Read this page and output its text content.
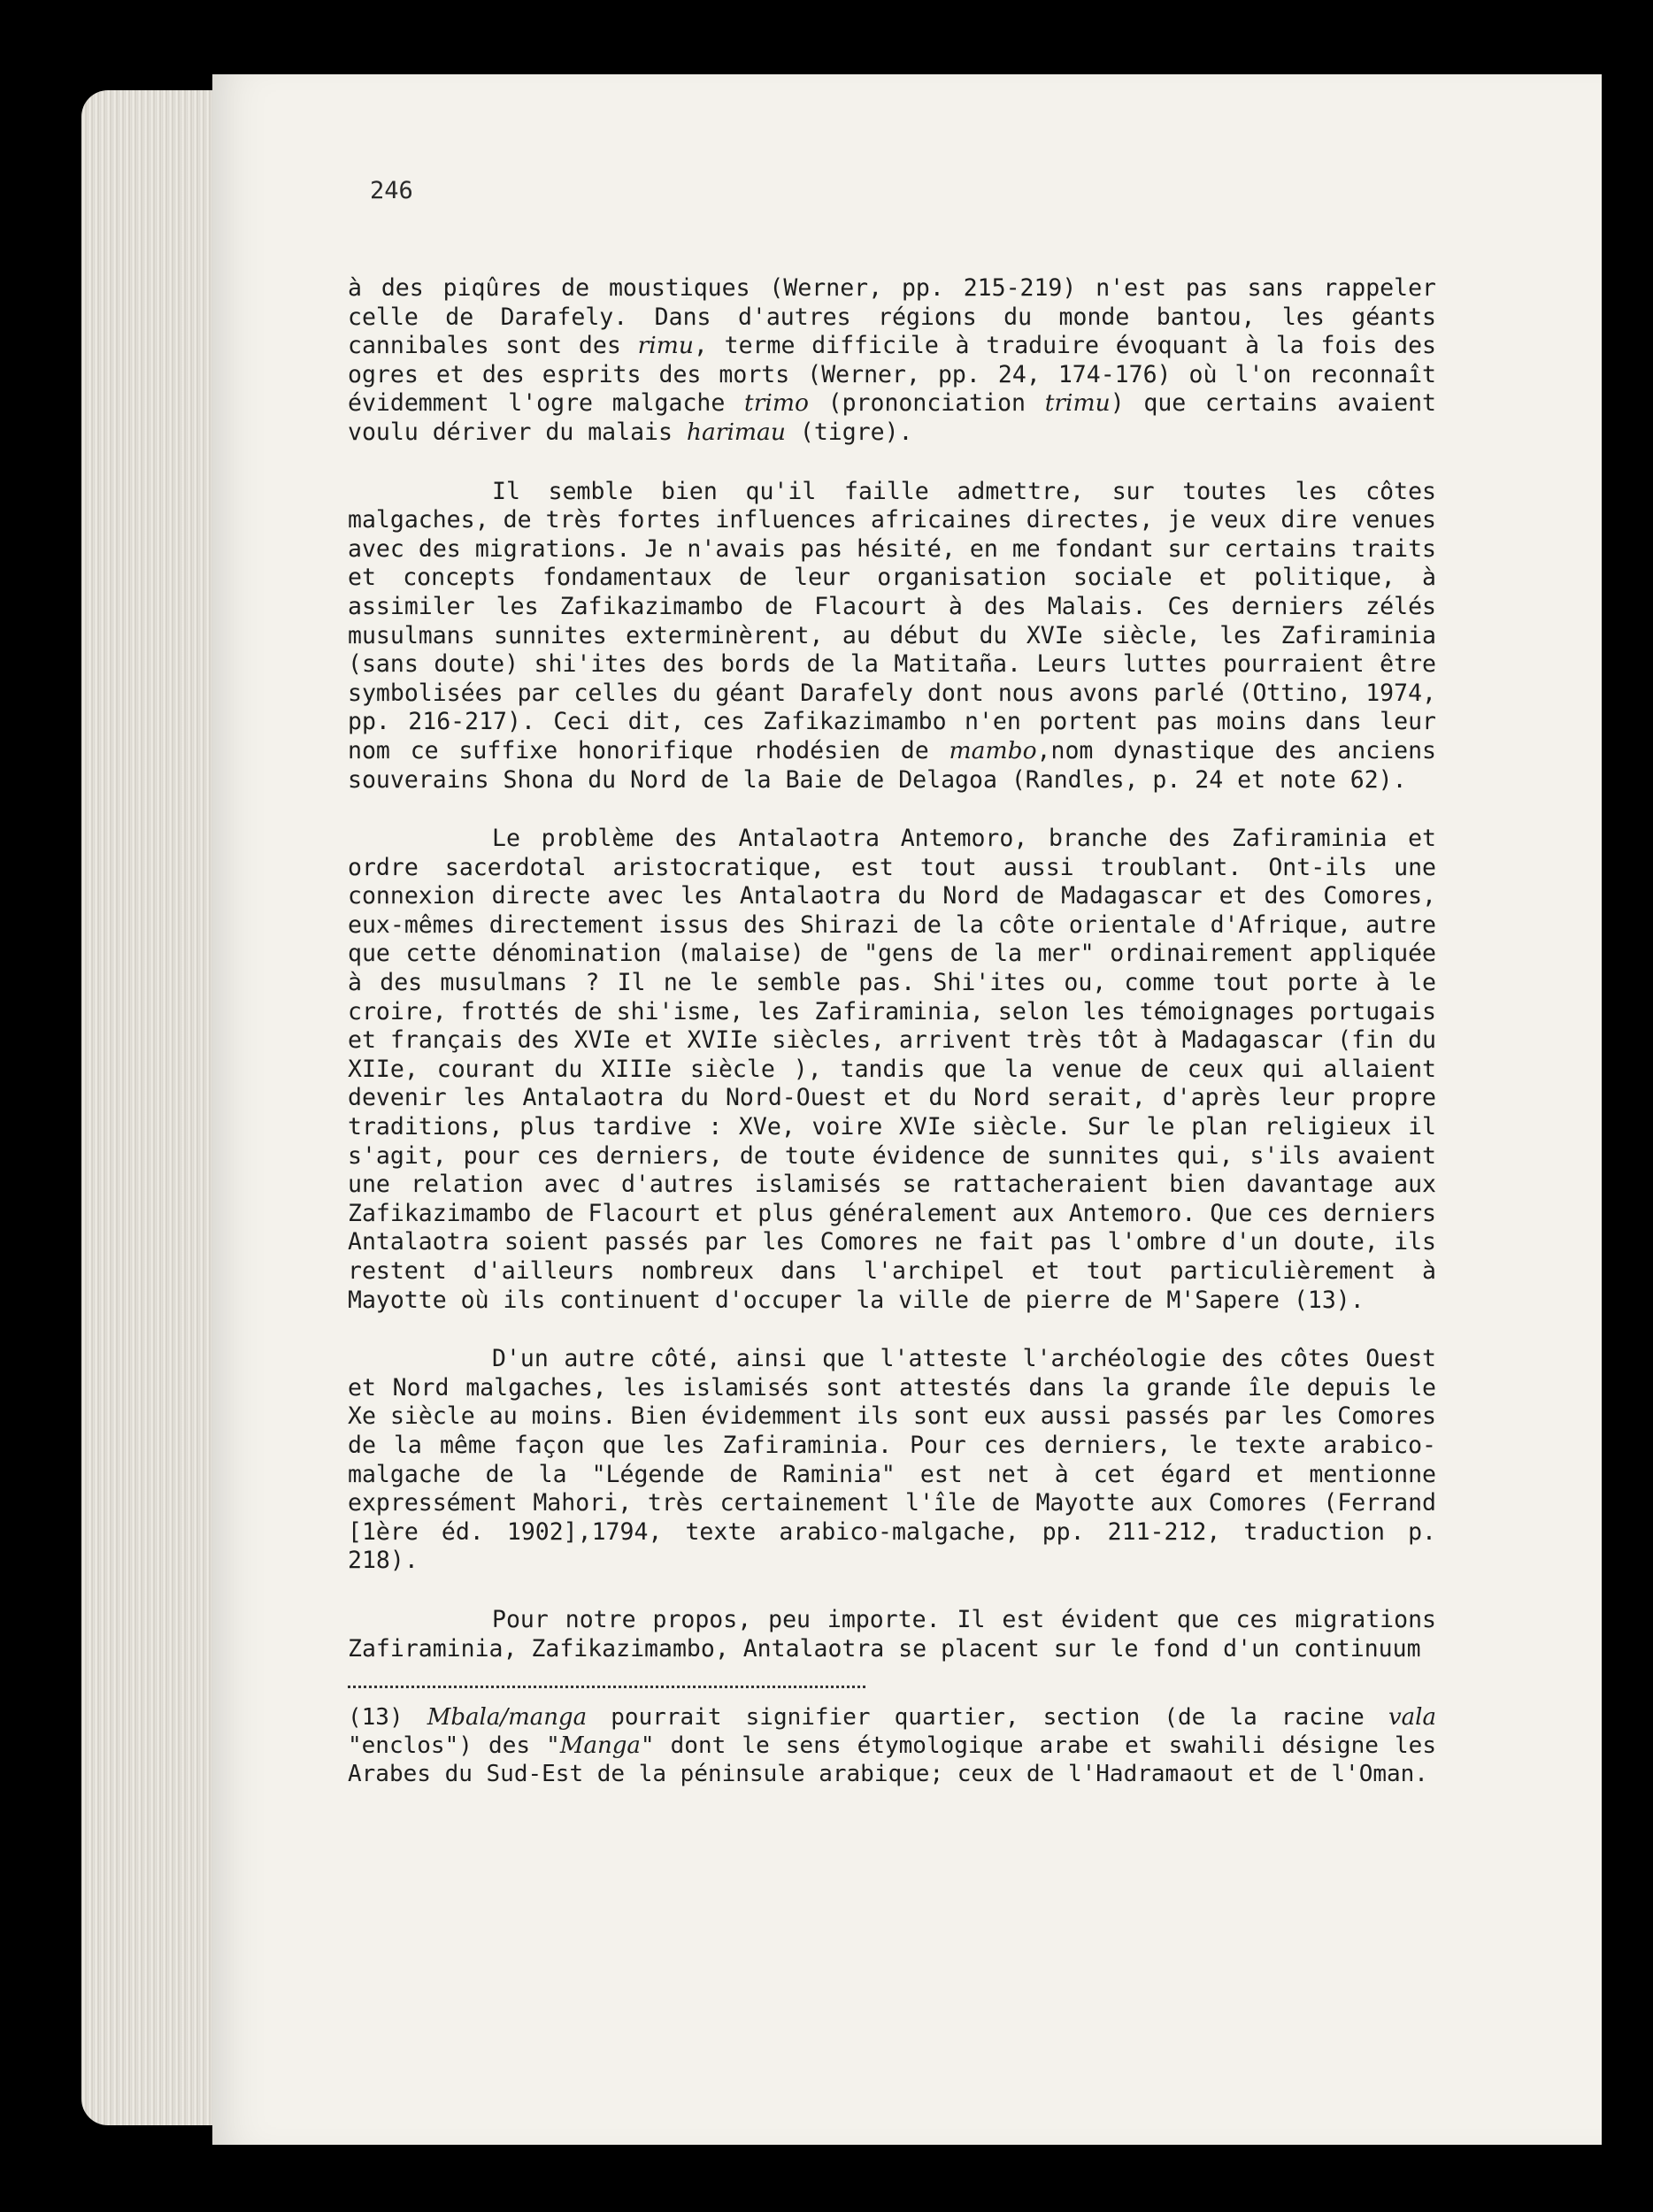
246

à des piqûres de moustiques (Werner, pp. 215-219) n'est pas sans rappeler celle de Darafely. Dans d'autres régions du monde bantou, les géants cannibales sont des rimu, terme difficile à traduire évoquant à la fois des ogres et des esprits des morts (Werner, pp. 24, 174-176) où l'on reconnaît évidemment l'ogre malgache trimo (prononciation trimu) que certains avaient voulu dériver du malais harimau (tigre).

Il semble bien qu'il faille admettre, sur toutes les côtes malgaches, de très fortes influences africaines directes, je veux dire venues avec des migrations. Je n'avais pas hésité, en me fondant sur certains traits et concepts fondamentaux de leur organisation sociale et politique, à assimiler les Zafikazimambo de Flacourt à des Malais. Ces derniers zélés musulmans sunnites exterminèrent, au début du XVIe siècle, les Zafiraminia (sans doute) shi'ites des bords de la Matitaña. Leurs luttes pourraient être symbolisées par celles du géant Darafely dont nous avons parlé (Ottino, 1974, pp. 216-217). Ceci dit, ces Zafikazimambo n'en portent pas moins dans leur nom ce suffixe honorifique rhodésien de mambo,nom dynastique des anciens souverains Shona du Nord de la Baie de Delagoa (Randles, p. 24 et note 62).

Le problème des Antalaotra Antemoro, branche des Zafiraminia et ordre sacerdotal aristocratique, est tout aussi troublant. Ont-ils une connexion directe avec les Antalaotra du Nord de Madagascar et des Comores, eux-mêmes directement issus des Shirazi de la côte orientale d'Afrique, autre que cette dénomination (malaise) de "gens de la mer" ordinairement appliquée à des musulmans ? Il ne le semble pas. Shi'ites ou, comme tout porte à le croire, frottés de shi'isme, les Zafiraminia, selon les témoignages portugais et français des XVIe et XVIIe siècles, arrivent très tôt à Madagascar (fin du XIIe, courant du XIIIe siècle ), tandis que la venue de ceux qui allaient devenir les Antalaotra du Nord-Ouest et du Nord serait, d'après leur propre traditions, plus tardive : XVe, voire XVIe siècle. Sur le plan religieux il s'agit, pour ces derniers, de toute évidence de sunnites qui, s'ils avaient une relation avec d'autres islamisés se rattacheraient bien davantage aux Zafikazimambo de Flacourt et plus généralement aux Antemoro. Que ces derniers Antalaotra soient passés par les Comores ne fait pas l'ombre d'un doute, ils restent d'ailleurs nombreux dans l'archipel et tout particulièrement à Mayotte où ils continuent d'occuper la ville de pierre de M'Sapere (13).

D'un autre côté, ainsi que l'atteste l'archéologie des côtes Ouest et Nord malgaches, les islamisés sont attestés dans la grande île depuis le Xe siècle au moins. Bien évidemment ils sont eux aussi passés par les Comores de la même façon que les Zafiraminia. Pour ces derniers, le texte arabico-malgache de la "Légende de Raminia" est net à cet égard et mentionne expressément Mahori, très certainement l'île de Mayotte aux Comores (Ferrand [1ère éd. 1902],1794, texte arabico-malgache, pp. 211-212, traduction p. 218).

Pour notre propos, peu importe. Il est évident que ces migrations Zafiraminia, Zafikazimambo, Antalaotra se placent sur le fond d'un continuum

(13) Mbala/manga pourrait signifier quartier, section (de la racine vala "enclos") des "Manga" dont le sens étymologique arabe et swahili désigne les Arabes du Sud-Est de la péninsule arabique; ceux de l'Hadramaout et de l'Oman.
